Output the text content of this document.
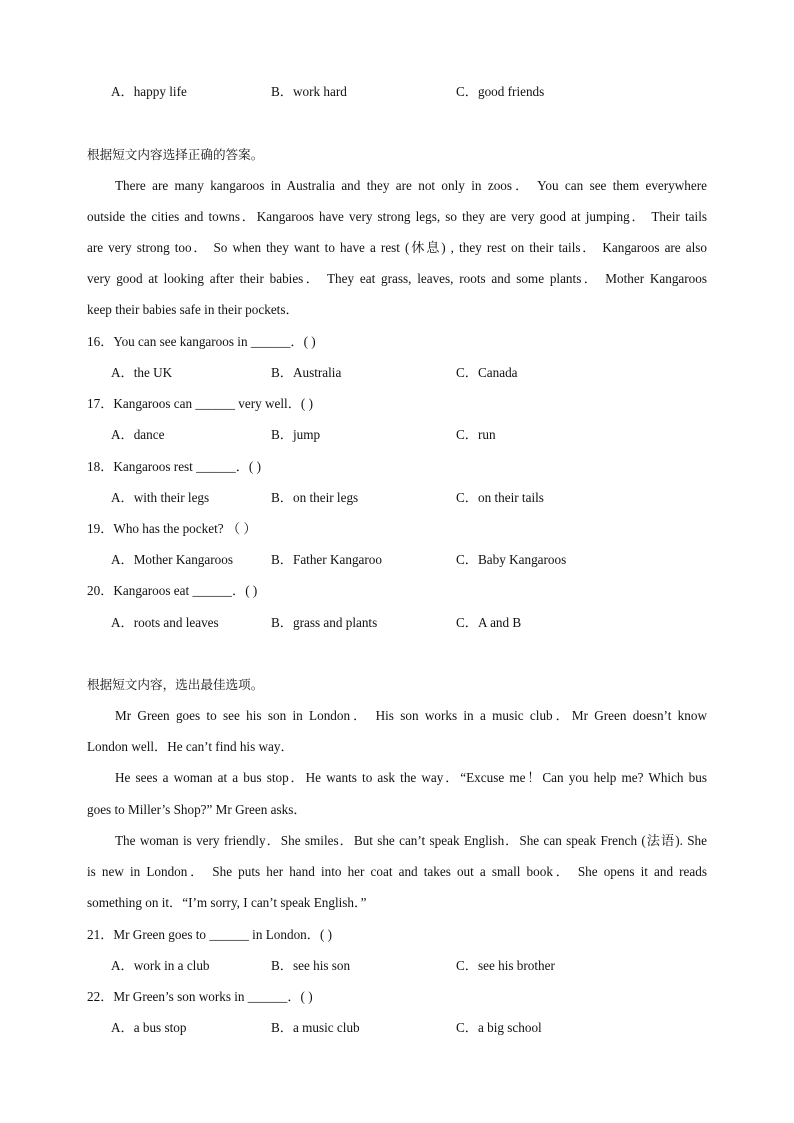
A．happy life	B．work hard	C．good friends
根据短文内容选择正确的答案。
There are many kangaroos in Australia and they are not only in zoos． You can see them everywhere
outside the cities and towns．Kangaroos have very strong legs, so they are very good at jumping． Their tails
are very strong too． So when they want to have a rest (休息) , they rest on their tails． Kangaroos are also
very good at looking after their babies． They eat grass, leaves, roots and some plants． Mother Kangaroos
keep their babies safe in their pockets．
16．You can see kangaroos in ______．( )
A．the UK	B．Australia	C．Canada
17．Kangaroos can ______ very well．( )
A．dance	B．jump	C．run
18．Kangaroos rest ______．( )
A．with their legs	B．on their legs	C．on their tails
19．Who has the pocket? （ ）
A．Mother Kangaroos	B．Father Kangaroo	C．Baby Kangaroos
20．Kangaroos eat ______．( )
A．roots and leaves	B．grass and plants	C．A and B
根据短文内容，选出最佳选项。
Mr Green goes to see his son in London． His son works in a music club．Mr Green doesn’t know
London well．He can’t find his way．
He sees a woman at a bus stop．He wants to ask the way．“Excuse me！Can you help me? Which bus
goes to Miller’s Shop?” Mr Green asks．
The woman is very friendly．She smiles．But she can’t speak English．She can speak French (法语). She
is new in London． She puts her hand into her coat and takes out a small book． She opens it and reads
something on it．“I’m sorry, I can’t speak English．”
21．Mr Green goes to ______ in London．( )
A．work in a club	B．see his son	C．see his brother
22．Mr Green’s son works in ______．( )
A．a bus stop	B．a music club	C．a big school
